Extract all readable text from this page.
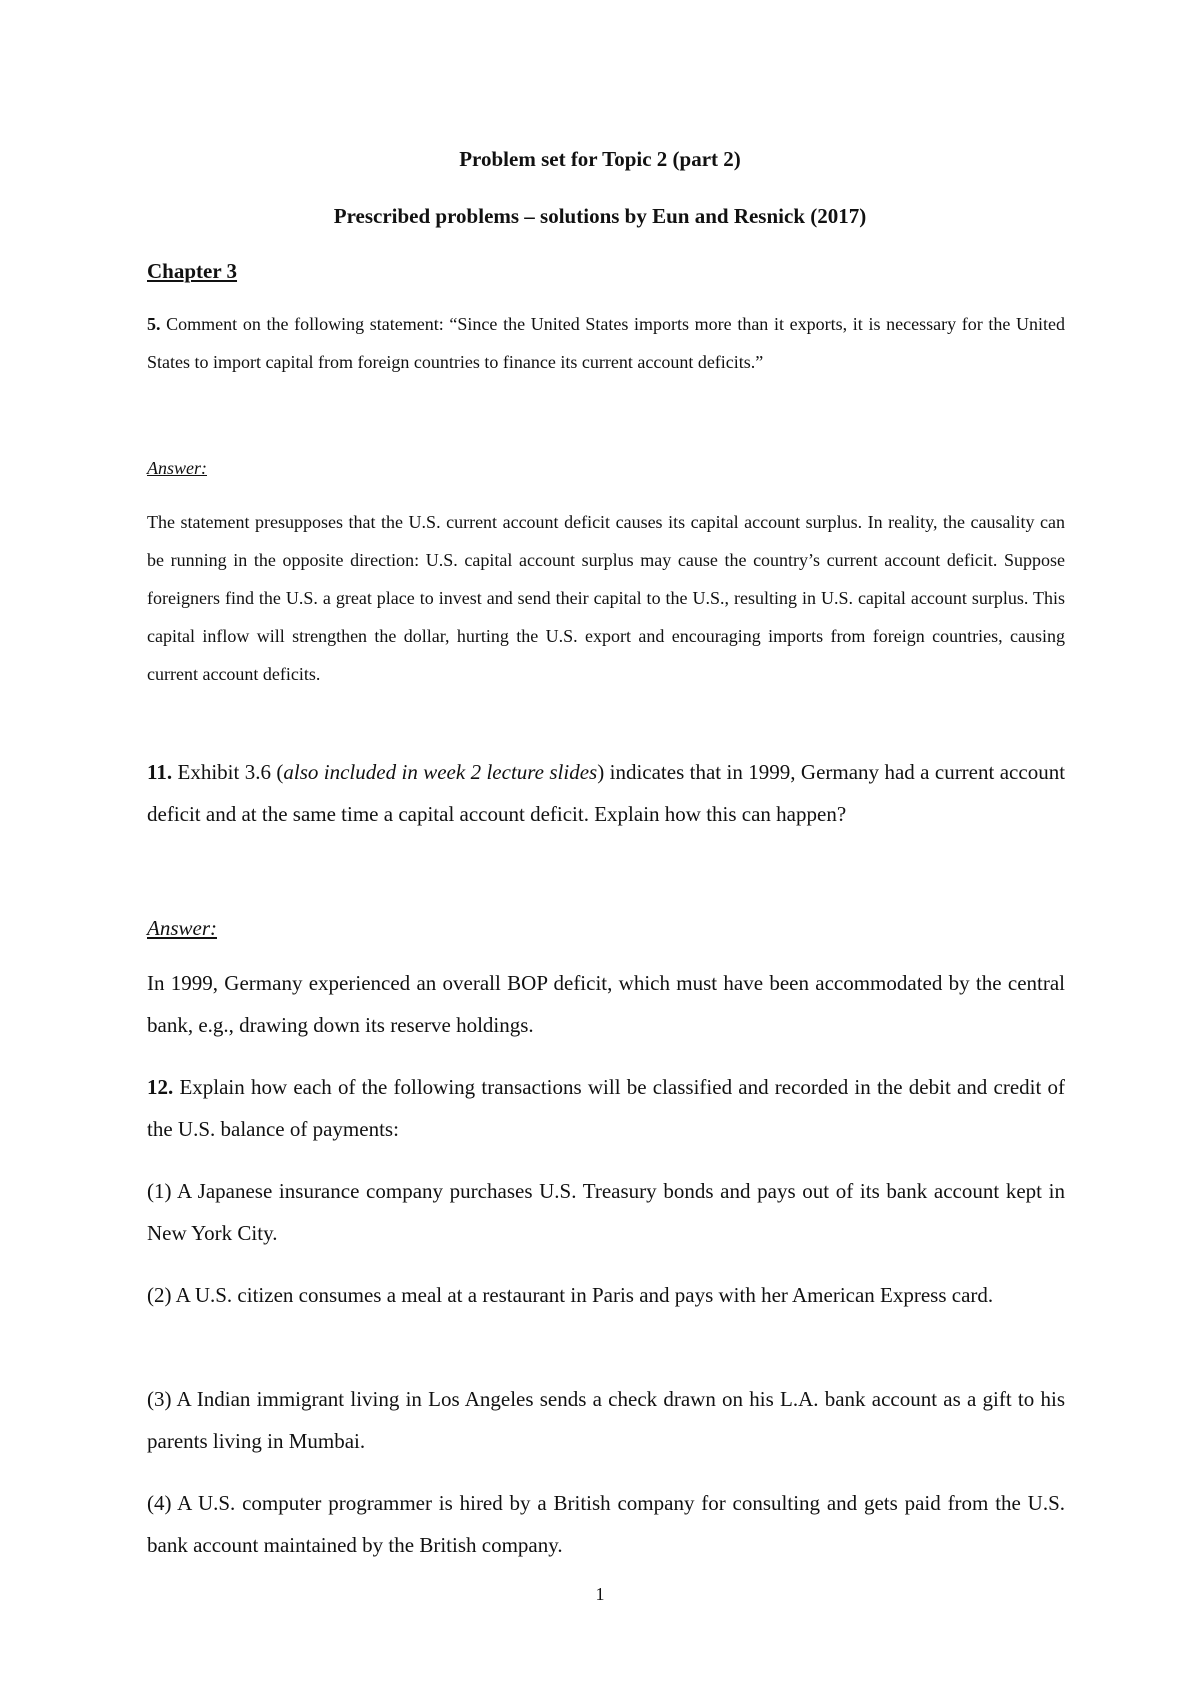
Problem set for Topic 2 (part 2)
Prescribed problems – solutions by Eun and Resnick (2017)
Chapter 3

5. Comment on the following statement: “Since the United States imports more than it exports, it is necessary for the United States to import capital from foreign countries to finance its current account deficits.”

Answer:

The statement presupposes that the U.S. current account deficit causes its capital account surplus. In reality, the causality can be running in the opposite direction: U.S. capital account surplus may cause the country’s current account deficit. Suppose foreigners find the U.S. a great place to invest and send their capital to the U.S., resulting in U.S. capital account surplus. This capital inflow will strengthen the dollar, hurting the U.S. export and encouraging imports from foreign countries, causing current account deficits.

11. Exhibit 3.6 (also included in week 2 lecture slides) indicates that in 1999, Germany had a current account deficit and at the same time a capital account deficit. Explain how this can happen?

Answer:

In 1999, Germany experienced an overall BOP deficit, which must have been accommodated by the central bank, e.g., drawing down its reserve holdings.

12. Explain how each of the following transactions will be classified and recorded in the debit and credit of the U.S. balance of payments:

(1) A Japanese insurance company purchases U.S. Treasury bonds and pays out of its bank account kept in New York City.

(2) A U.S. citizen consumes a meal at a restaurant in Paris and pays with her American Express card.

(3) A Indian immigrant living in Los Angeles sends a check drawn on his L.A. bank account as a gift to his parents living in Mumbai.

(4) A U.S. computer programmer is hired by a British company for consulting and gets paid from the U.S. bank account maintained by the British company.

1
